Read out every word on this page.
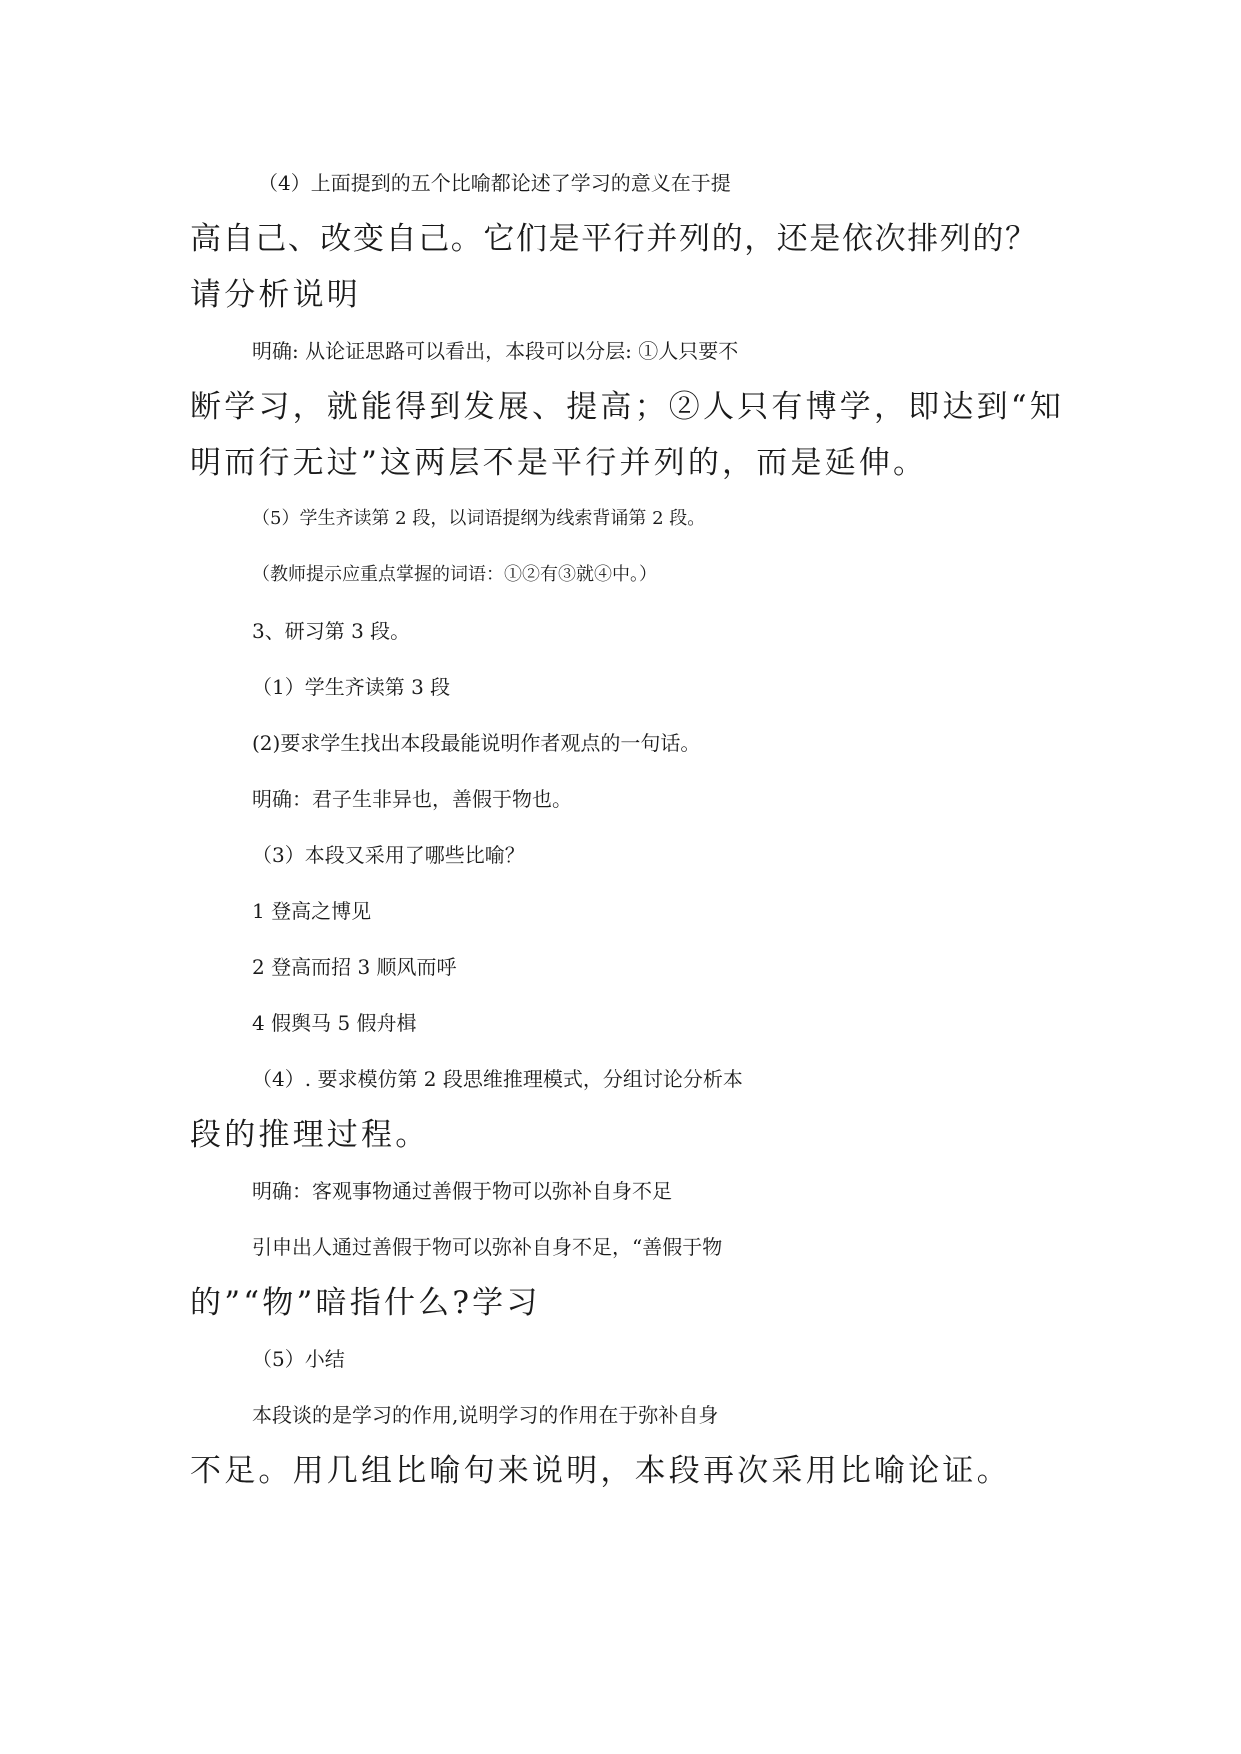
（4）上面提到的五个比喻都论述了学习的意义在于提
高自己、改变自己。它们是平行并列的，还是依次排列的？
请分析说明
明确: 从论证思路可以看出，本段可以分层: ①人只要不
断学习，就能得到发展、提高；②人只有博学，即达到“知
明而行无过”这两层不是平行并列的，而是延伸。
（5）学生齐读第 2 段，以词语提纲为线索背诵第 2 段。
（教师提示应重点掌握的词语：①②有③就④中。）
3、研习第 3 段。
（1）学生齐读第 3 段
(2)要求学生找出本段最能说明作者观点的一句话。
明确：君子生非异也，善假于物也。
（3）本段又采用了哪些比喻？
1 登高之博见
2 登高而招 3 顺风而呼
4 假舆马 5 假舟楫
（4）. 要求模仿第 2 段思维推理模式，分组讨论分析本
段的推理过程。
明确：客观事物通过善假于物可以弥补自身不足
引申出人通过善假于物可以弥补自身不足，“善假于物
的”“物”暗指什么?学习
（5）小结
本段谈的是学习的作用,说明学习的作用在于弥补自身
不足。用几组比喻句来说明，本段再次采用比喻论证。
